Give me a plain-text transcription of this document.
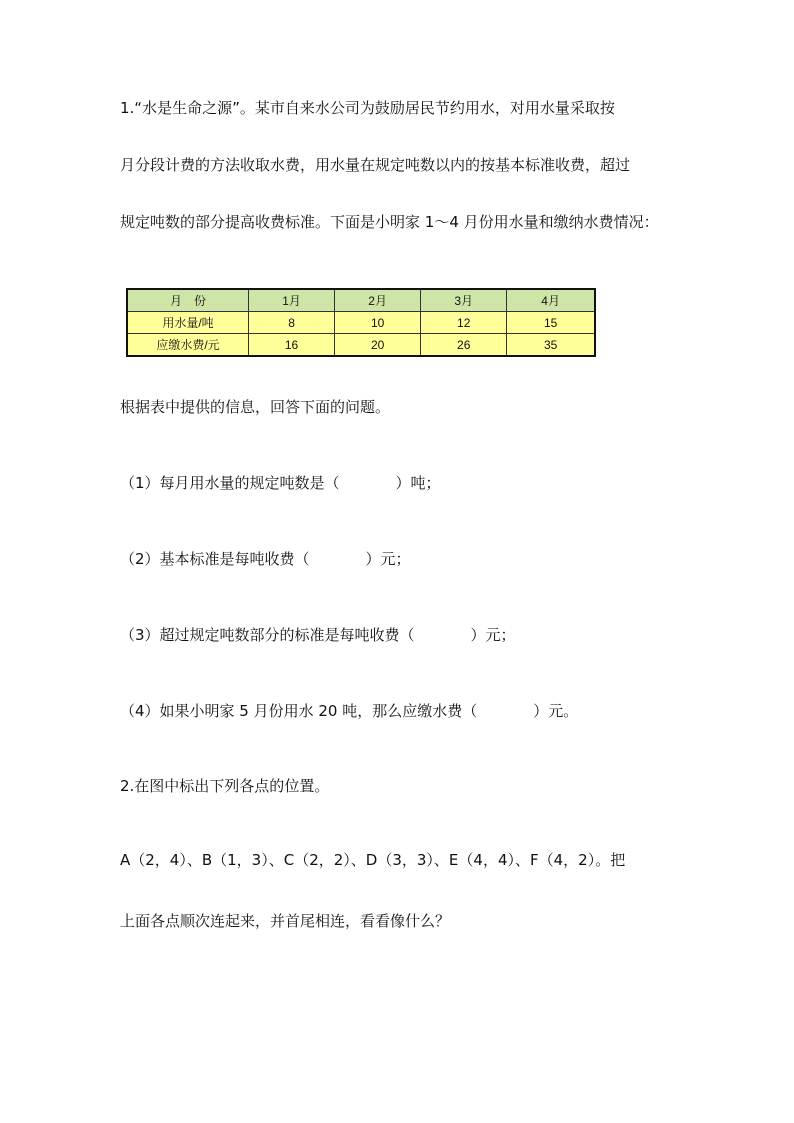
1.“水是生命之源”。某市自来水公司为鼓励居民节约用水，对用水量采取按
月分段计费的方法收取水费，用水量在规定吨数以内的按基本标准收费，超过
规定吨数的部分提高收费标准。下面是小明家 1～4 月份用水量和缴纳水费情况：
月　份	1月	2月	3月	4月
用水量/吨	8	10	12	15
应缴水费/元	16	20	26	35
根据表中提供的信息，回答下面的问题。
（1）每月用水量的规定吨数是（	）吨；
（2）基本标准是每吨收费（	）元；
（3）超过规定吨数部分的标准是每吨收费（	）元；
（4）如果小明家 5 月份用水 20 吨，那么应缴水费（	）元。
2.在图中标出下列各点的位置。
A（2，4）、B（1，3）、C（2，2）、D（3，3）、E（4，4）、F（4，2）。把
上面各点顺次连起来，并首尾相连，看看像什么？
